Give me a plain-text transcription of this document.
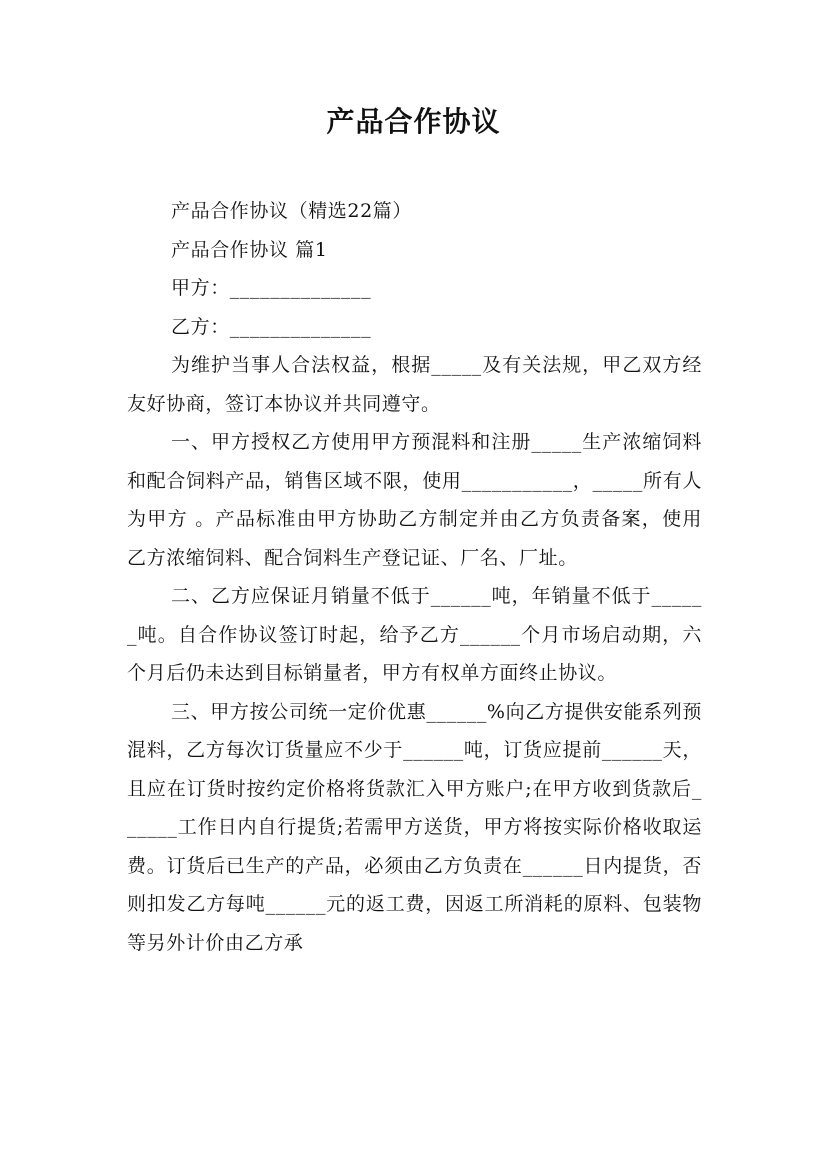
产品合作协议

产品合作协议（精选22篇）

产品合作协议 篇1

甲方：______________

乙方：______________

为维护当事人合法权益，根据_____及有关法规，甲乙双方经友好协商，签订本协议并共同遵守。

一、甲方授权乙方使用甲方预混料和注册_____生产浓缩饲料和配合饲料产品，销售区域不限，使用___________，_____所有人为甲方 。产品标准由甲方协助乙方制定并由乙方负责备案，使用乙方浓缩饲料、配合饲料生产登记证、厂名、厂址。

二、乙方应保证月销量不低于______吨，年销量不低于______吨。自合作协议签订时起，给予乙方______个月市场启动期，六个月后仍未达到目标销量者，甲方有权单方面终止协议。

三、甲方按公司统一定价优惠______%向乙方提供安能系列预混料，乙方每次订货量应不少于______吨，订货应提前______天，且应在订货时按约定价格将货款汇入甲方账户;在甲方收到货款后______工作日内自行提货;若需甲方送货，甲方将按实际价格收取运费。订货后已生产的产品，必须由乙方负责在______日内提货，否则扣发乙方每吨______元的返工费，因返工所消耗的原料、包装物等另外计价由乙方承
